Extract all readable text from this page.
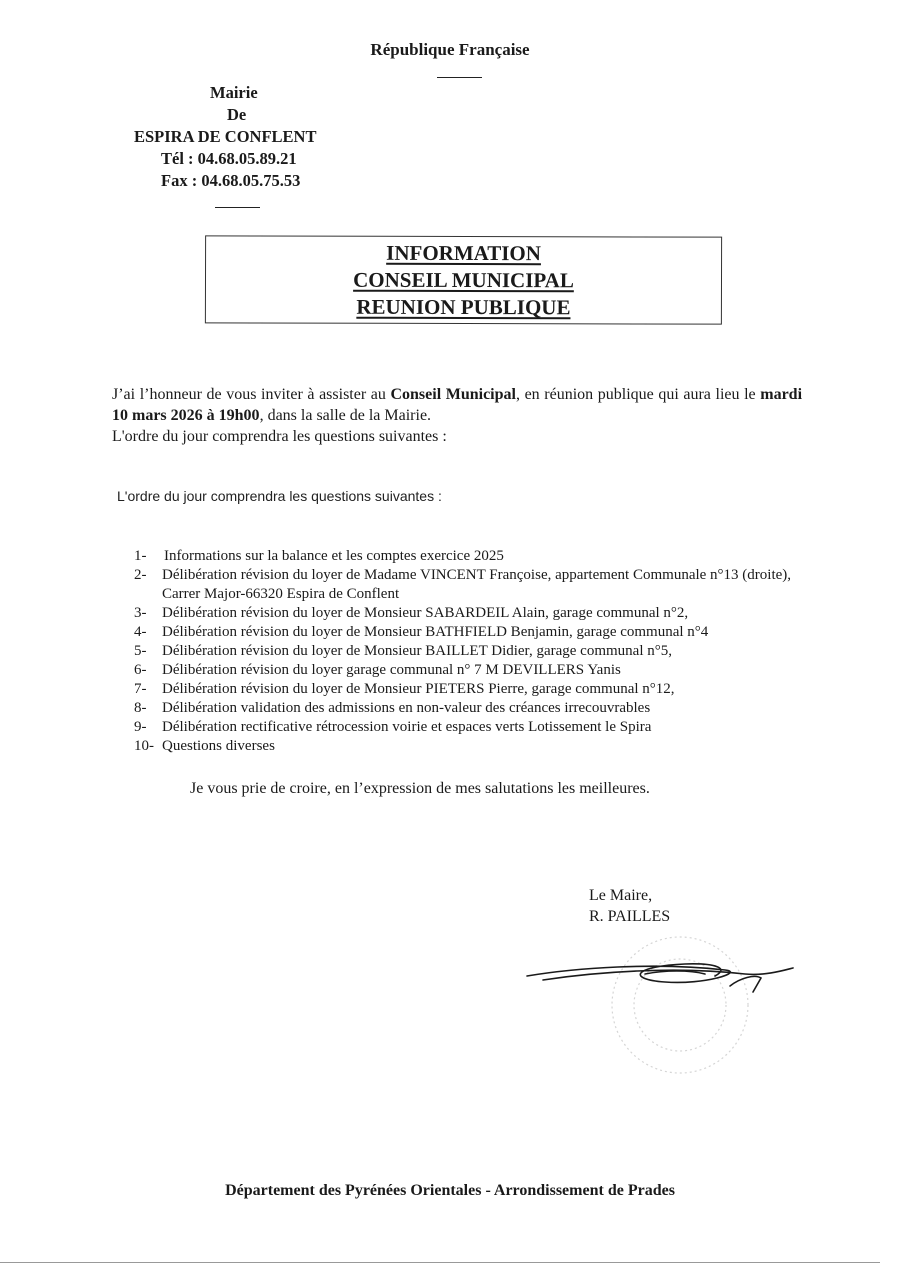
République Française
Mairie
De
ESPIRA DE CONFLENT
Tél : 04.68.05.89.21
Fax : 04.68.05.75.53
INFORMATION
CONSEIL MUNICIPAL
REUNION PUBLIQUE
J’ai l’honneur de vous inviter à assister au Conseil Municipal, en réunion publique qui aura lieu le mardi 10 mars 2026 à 19h00, dans la salle de la Mairie.
L'ordre du jour comprendra les questions suivantes :
L'ordre du jour comprendra les questions suivantes :
1- Informations sur la balance et les comptes exercice 2025
2- Délibération révision du loyer de Madame VINCENT Françoise, appartement Communale n°13 (droite), Carrer Major-66320 Espira de Conflent
3- Délibération révision du loyer de Monsieur SABARDEIL Alain, garage communal n°2,
4- Délibération révision du loyer de Monsieur BATHFIELD Benjamin, garage communal n°4
5- Délibération révision du loyer de Monsieur BAILLET Didier, garage communal n°5,
6- Délibération révision du loyer garage communal n° 7 M DEVILLERS Yanis
7- Délibération révision du loyer de Monsieur PIETERS Pierre, garage communal n°12,
8- Délibération validation des admissions en non-valeur des créances irrecouvrables
9- Délibération rectificative rétrocession voirie et espaces verts Lotissement le Spira
10- Questions diverses
Je vous prie de croire, en l’expression de mes salutations les meilleures.
Le Maire,
R. PAILLES
Département des Pyrénées Orientales - Arrondissement de Prades
